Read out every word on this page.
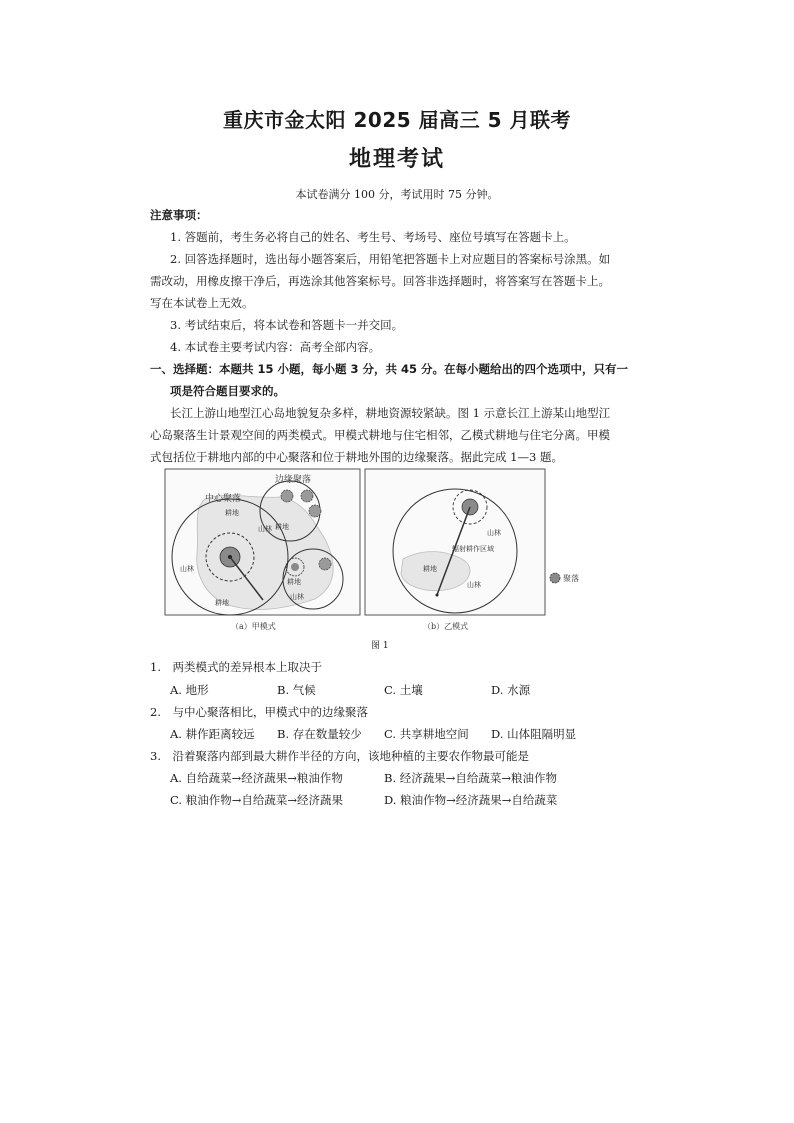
重庆市金太阳 2025 届高三 5 月联考
地理考试
本试卷满分 100 分，考试用时 75 分钟。
注意事项：
1. 答题前，考生务必将自己的姓名、考生号、考场号、座位号填写在答题卡上。
2. 回答选择题时，选出每小题答案后，用铅笔把答题卡上对应题目的答案标号涂黑。如
需改动，用橡皮擦干净后，再选涂其他答案标号。回答非选择题时，将答案写在答题卡上。
写在本试卷上无效。
3. 考试结束后，将本试卷和答题卡一并交回。
4. 本试卷主要考试内容：高考全部内容。
一、选择题：本题共 15 小题，每小题 3 分，共 45 分。在每小题给出的四个选项中，只有一
项是符合题目要求的。
长江上游山地型江心岛地貌复杂多样，耕地资源较紧缺。图 1 示意长江上游某山地型江
心岛聚落生计景观空间的两类模式。甲模式耕地与住宅相邻，乙模式耕地与住宅分离。甲模
式包括位于耕地内部的中心聚落和位于耕地外围的边缘聚落。据此完成 1—3 题。
中心聚落
边缘聚落
耕地
耕地
山林
山林
耕地
山林
耕地
山林
耕地
山林
辐射耕作区域
聚落
（a）甲模式	（b）乙模式
图 1
1.　两类模式的差异根本上取决于
A. 地形	B. 气候	C. 土壤	D. 水源
2.　与中心聚落相比，甲模式中的边缘聚落
A. 耕作距离较远 B. 存在数量较少 C. 共享耕地空间 D. 山体阻隔明显
3.　沿着聚落内部到最大耕作半径的方向，该地种植的主要农作物最可能是
A. 自给蔬菜→经济蔬果→粮油作物	B. 经济蔬果→自给蔬菜→粮油作物
C. 粮油作物→自给蔬菜→经济蔬果	D. 粮油作物→经济蔬果→自给蔬菜
